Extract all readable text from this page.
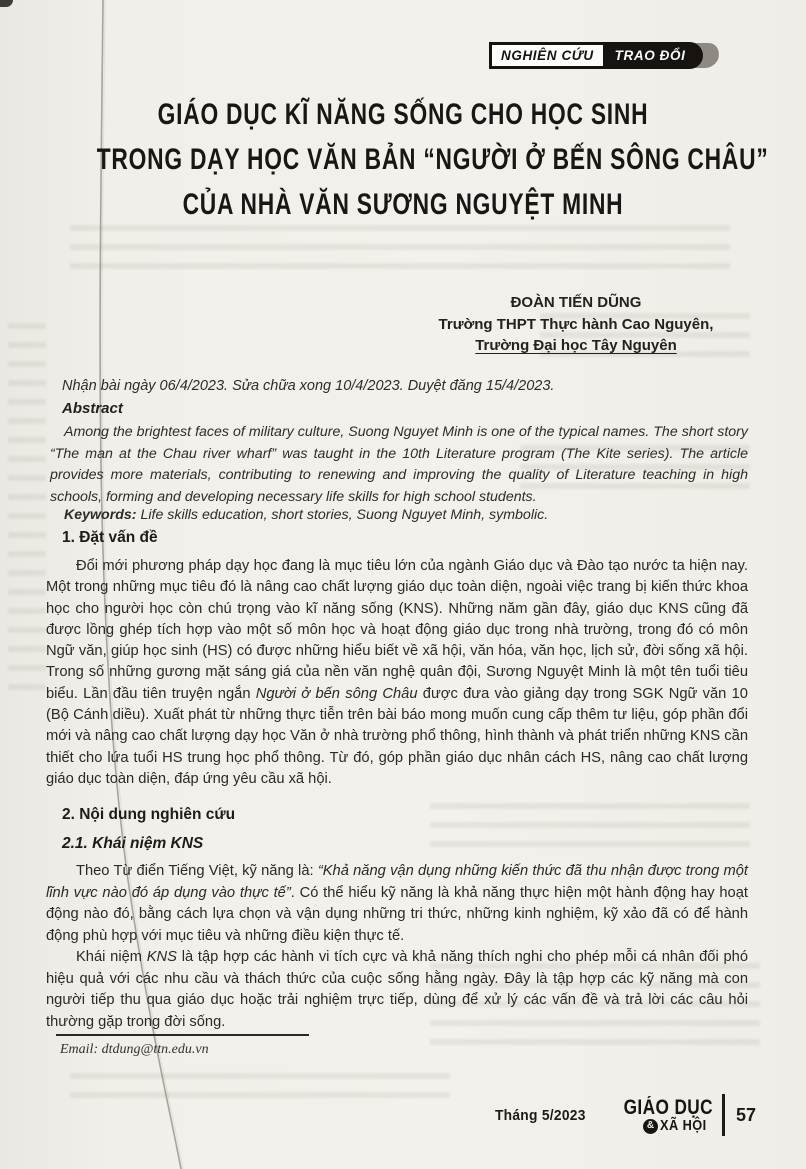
NGHIÊN CỨU	TRAO ĐỔI
GIÁO DỤC KĨ NĂNG SỐNG CHO HỌC SINH
TRONG DẠY HỌC VĂN BẢN “NGƯỜI Ở BẾN SÔNG CHÂU”
CỦA NHÀ VĂN SƯƠNG NGUYỆT MINH
ĐOÀN TIẾN DŨNG
Trường THPT Thực hành Cao Nguyên,
Trường Đại học Tây Nguyên
Nhận bài ngày 06/4/2023. Sửa chữa xong 10/4/2023. Duyệt đăng 15/4/2023.
Abstract

Among the brightest faces of military culture, Suong Nguyet Minh is one of the typical names. The short story “The man at the Chau river wharf” was taught in the 10th Literature program (The Kite series). The article provides more materials, contributing to renewing and improving the quality of Literature teaching in high schools, forming and developing necessary life skills for high school students.

Keywords: Life skills education, short stories, Suong Nguyet Minh, symbolic.

1. Đặt vấn đề

Đổi mới phương pháp dạy học đang là mục tiêu lớn của ngành Giáo dục và Đào tạo nước ta hiện nay. Một trong những mục tiêu đó là nâng cao chất lượng giáo dục toàn diện, ngoài việc trang bị kiến thức khoa học cho người học còn chú trọng vào kĩ năng sống (KNS). Những năm gần đây, giáo dục KNS cũng đã được lồng ghép tích hợp vào một số môn học và hoạt động giáo dục trong nhà trường, trong đó có môn Ngữ văn, giúp học sinh (HS) có được những hiểu biết về xã hội, văn hóa, văn học, lịch sử, đời sống xã hội. Trong số những gương mặt sáng giá của nền văn nghệ quân đội, Sương Nguyệt Minh là một tên tuổi tiêu biểu. Lần đầu tiên truyện ngắn Người ở bến sông Châu được đưa vào giảng dạy trong SGK Ngữ văn 10 (Bộ Cánh diều). Xuất phát từ những thực tiễn trên bài báo mong muốn cung cấp thêm tư liệu, góp phần đổi mới và nâng cao chất lượng dạy học Văn ở nhà trường phổ thông, hình thành và phát triển những KNS cần thiết cho lứa tuổi HS trung học phổ thông. Từ đó, góp phần giáo dục nhân cách HS, nâng cao chất lượng giáo dục toàn diện, đáp ứng yêu cầu xã hội.

2. Nội dung nghiên cứu
2.1. Khái niệm KNS

Theo Từ điển Tiếng Việt, kỹ năng là: “Khả năng vận dụng những kiến thức đã thu nhận được trong một lĩnh vực nào đó áp dụng vào thực tế”. Có thể hiểu kỹ năng là khả năng thực hiện một hành động hay hoạt động nào đó, bằng cách lựa chọn và vận dụng những tri thức, những kinh nghiệm, kỹ xảo đã có để hành động phù hợp với mục tiêu và những điều kiện thực tế.

Khái niệm KNS là tập hợp các hành vi tích cực và khả năng thích nghi cho phép mỗi cá nhân đối phó hiệu quả với các nhu cầu và thách thức của cuộc sống hằng ngày. Đây là tập hợp các kỹ năng mà con người tiếp thu qua giáo dục hoặc trải nghiệm trực tiếp, dùng để xử lý các vấn đề và trả lời các câu hỏi thường gặp trong đời sống.

Email: dtdung@ttn.edu.vn
Tháng 5/2023 GIÁO DỤC
& XÃ HỘI
57
